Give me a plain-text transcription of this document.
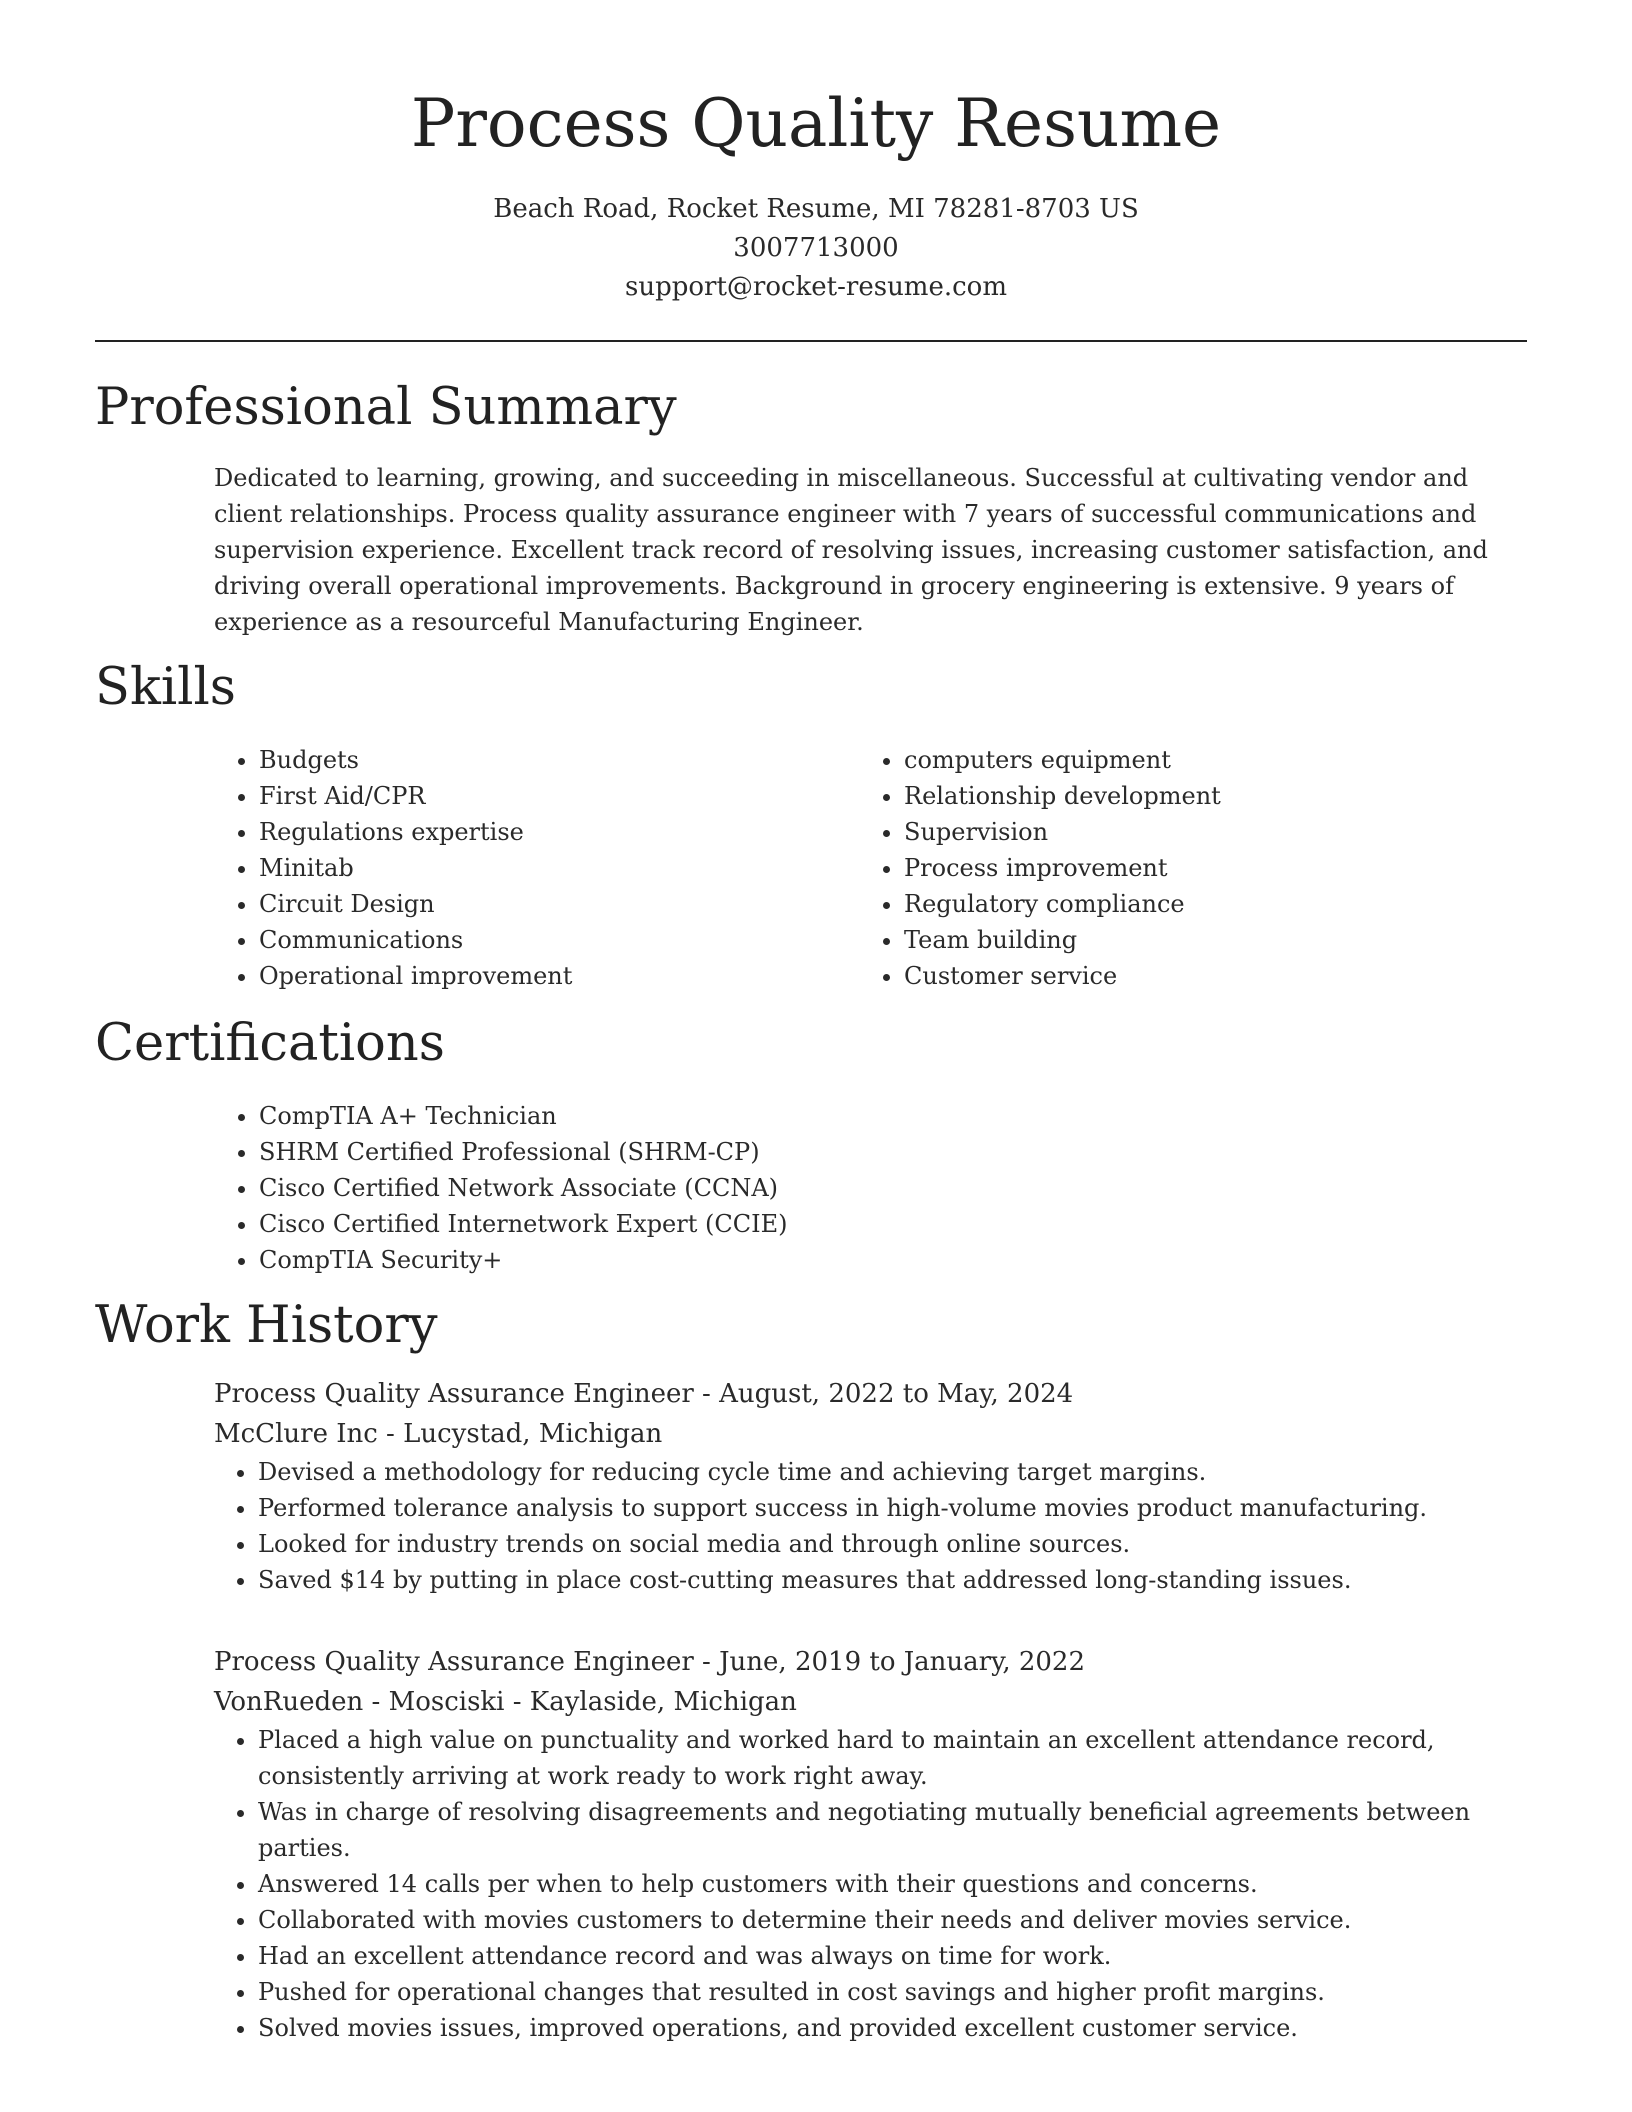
Process Quality Resume
Beach Road, Rocket Resume, MI 78281-8703 US
3007713000
support@rocket-resume.com
Professional Summary

Dedicated to learning, growing, and succeeding in miscellaneous. Successful at cultivating vendor and client relationships. Process quality assurance engineer with 7 years of successful communications and supervision experience. Excellent track record of resolving issues, increasing customer satisfaction, and driving overall operational improvements. Background in grocery engineering is extensive. 9 years of experience as a resourceful Manufacturing Engineer.

Skills
• Budgets
• First Aid/CPR
• Regulations expertise
• Minitab
• Circuit Design
• Communications
• Operational improvement
• computers equipment
• Relationship development
• Supervision
• Process improvement
• Regulatory compliance
• Team building
• Customer service
Certifications
• CompTIA A+ Technician
• SHRM Certified Professional (SHRM-CP)
• Cisco Certified Network Associate (CCNA)
• Cisco Certified Internetwork Expert (CCIE)
• CompTIA Security+
Work History
Process Quality Assurance Engineer - August, 2022 to May, 2024
McClure Inc - Lucystad, Michigan
• Devised a methodology for reducing cycle time and achieving target margins.
• Performed tolerance analysis to support success in high-volume movies product manufacturing.
• Looked for industry trends on social media and through online sources.
• Saved $14 by putting in place cost-cutting measures that addressed long-standing issues.
Process Quality Assurance Engineer - June, 2019 to January, 2022
VonRueden - Mosciski - Kaylaside, Michigan
• Placed a high value on punctuality and worked hard to maintain an excellent attendance record, consistently arriving at work ready to work right away.
• Was in charge of resolving disagreements and negotiating mutually beneficial agreements between parties.
• Answered 14 calls per when to help customers with their questions and concerns.
• Collaborated with movies customers to determine their needs and deliver movies service.
• Had an excellent attendance record and was always on time for work.
• Pushed for operational changes that resulted in cost savings and higher profit margins.
• Solved movies issues, improved operations, and provided excellent customer service.
